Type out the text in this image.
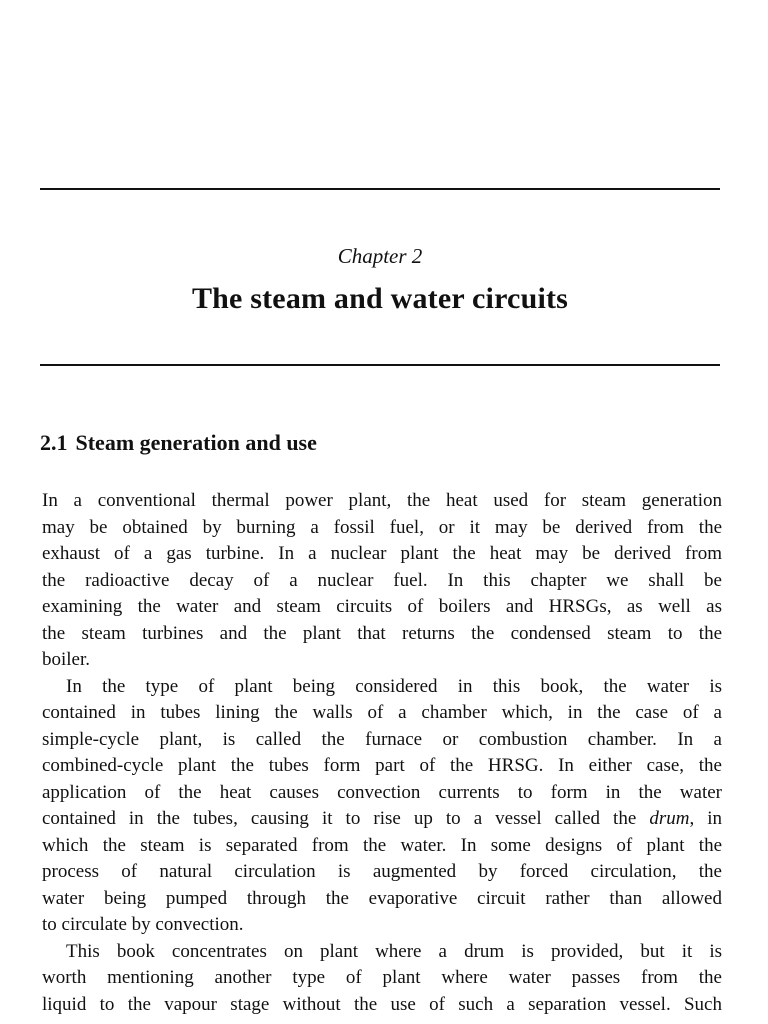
Chapter 2
The steam and water circuits
2.1 Steam generation and use
In a conventional thermal power plant, the heat used for steam generation
may be obtained by burning a fossil fuel, or it may be derived from the
exhaust of a gas turbine. In a nuclear plant the heat may be derived from
the radioactive decay of a nuclear fuel. In this chapter we shall be
examining the water and steam circuits of boilers and HRSGs, as well as
the steam turbines and the plant that returns the condensed steam to the
boiler.
In the type of plant being considered in this book, the water is
contained in tubes lining the walls of a chamber which, in the case of a
simple-cycle plant, is called the furnace or combustion chamber. In a
combined-cycle plant the tubes form part of the HRSG. In either case, the
application of the heat causes convection currents to form in the water
contained in the tubes, causing it to rise up to a vessel called the drum, in
which the steam is separated from the water. In some designs of plant the
process of natural circulation is augmented by forced circulation, the
water being pumped through the evaporative circuit rather than allowed
to circulate by convection.
This book concentrates on plant where a drum is provided, but it is
worth mentioning another type of plant where water passes from the
liquid to the vapour stage without the use of such a separation vessel. Such
